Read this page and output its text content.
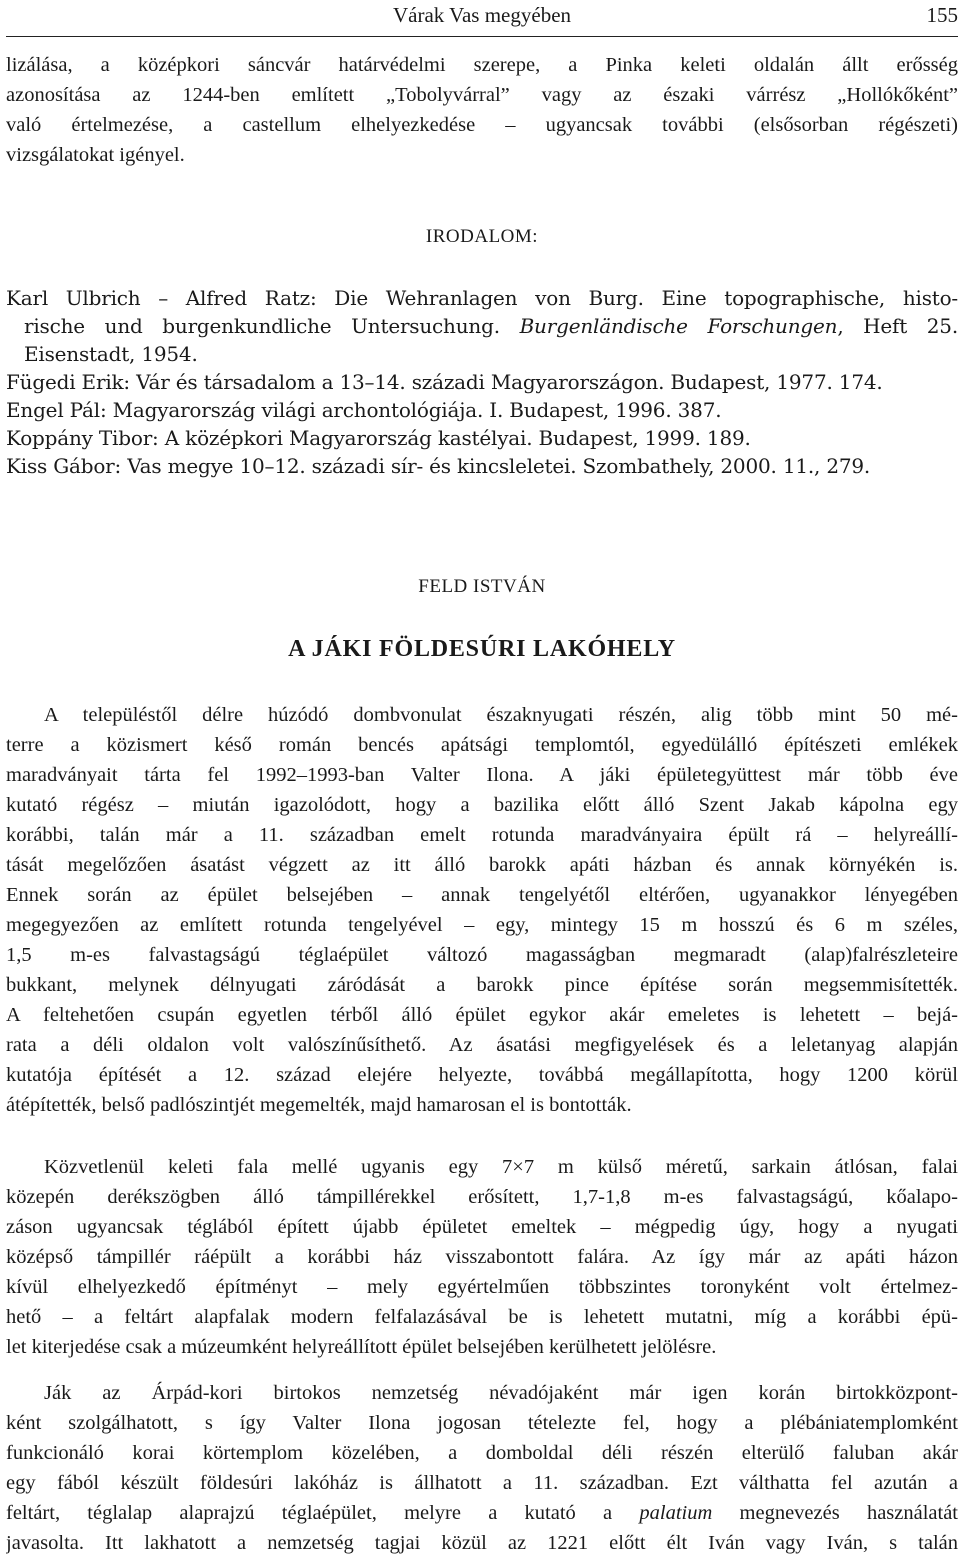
Várak Vas megyében	155
lizálása, a középkori sáncvár határvédelmi szerepe, a Pinka keleti oldalán állt erősség
azonosítása az 1244-ben említett „Tobolyvárral” vagy az északi várrész „Hollókőként”
való értelmezése, a castellum elhelyezkedése – ugyancsak további (elsősorban régészeti)
vizsgálatokat igényel.
IRODALOM:
Karl Ulbrich – Alfred Ratz: Die Wehranlagen von Burg. Eine topographische, histo-
rische und burgenkundliche Untersuchung. Burgenländische Forschungen, Heft 25.
Eisenstadt, 1954.
Fügedi Erik: Vár és társadalom a 13–14. századi Magyarországon. Budapest, 1977. 174.
Engel Pál: Magyarország világi archontológiája. I. Budapest, 1996. 387.
Koppány Tibor: A középkori Magyarország kastélyai. Budapest, 1999. 189.
Kiss Gábor: Vas megye 10–12. századi sír- és kincsleletei. Szombathely, 2000. 11., 279.
FELD ISTVÁN
A JÁKI FÖLDESÚRI LAKÓHELY
A településtől délre húzódó dombvonulat északnyugati részén, alig több mint 50 mé-
terre a közismert késő román bencés apátsági templomtól, egyedülálló építészeti emlékek
maradványait tárta fel 1992–1993-ban Valter Ilona. A jáki épületegyüttest már több éve
kutató régész – miután igazolódott, hogy a bazilika előtt álló Szent Jakab kápolna egy
korábbi, talán már a 11. században emelt rotunda maradványaira épült rá – helyreállí-
tását megelőzően ásatást végzett az itt álló barokk apáti házban és annak környékén is.
Ennek során az épület belsejében – annak tengelyétől eltérően, ugyanakkor lényegében
megegyezően az említett rotunda tengelyével – egy, mintegy 15 m hosszú és 6 m széles,
1,5 m-es falvastagságú téglaépület változó magasságban megmaradt (alap)falrészleteire
bukkant, melynek délnyugati záródását a barokk pince építése során megsemmisítették.
A feltehetően csupán egyetlen térből álló épület egykor akár emeletes is lehetett – bejá-
rata a déli oldalon volt valószínűsíthető. Az ásatási megfigyelések és a leletanyag alapján
kutatója építését a 12. század elejére helyezte, továbbá megállapította, hogy 1200 körül
átépítették, belső padlószintjét megemelték, majd hamarosan el is bontották.
Közvetlenül keleti fala mellé ugyanis egy 7×7 m külső méretű, sarkain átlósan, falai
közepén derékszögben álló támpillérekkel erősített, 1,7-1,8 m-es falvastagságú, kőalapo-
záson ugyancsak téglából épített újabb épületet emeltek – mégpedig úgy, hogy a nyugati
középső támpillér ráépült a korábbi ház visszabontott falára. Az így már az apáti házon
kívül elhelyezkedő építményt – mely egyértelműen többszintes toronyként volt értelmez-
hető – a feltárt alapfalak modern felfalazásával be is lehetett mutatni, míg a korábbi épü-
let kiterjedése csak a múzeumként helyreállított épület belsejében kerülhetett jelölésre.
Ják az Árpád-kori birtokos nemzetség névadójaként már igen korán birtokközpont-
ként szolgálhatott, s így Valter Ilona jogosan tételezte fel, hogy a plébániatemplomként
funkcionáló korai körtemplom közelében, a domboldal déli részén elterülő faluban akár
egy fából készült földesúri lakóház is állhatott a 11. században. Ezt válthatta fel azután a
feltárt, téglalap alaprajzú téglaépület, melyre a kutató a palatium megnevezés használatát
javasolta. Itt lakhatott a nemzetség tagjai közül az 1221 előtt élt Iván vagy Iván, s talán
